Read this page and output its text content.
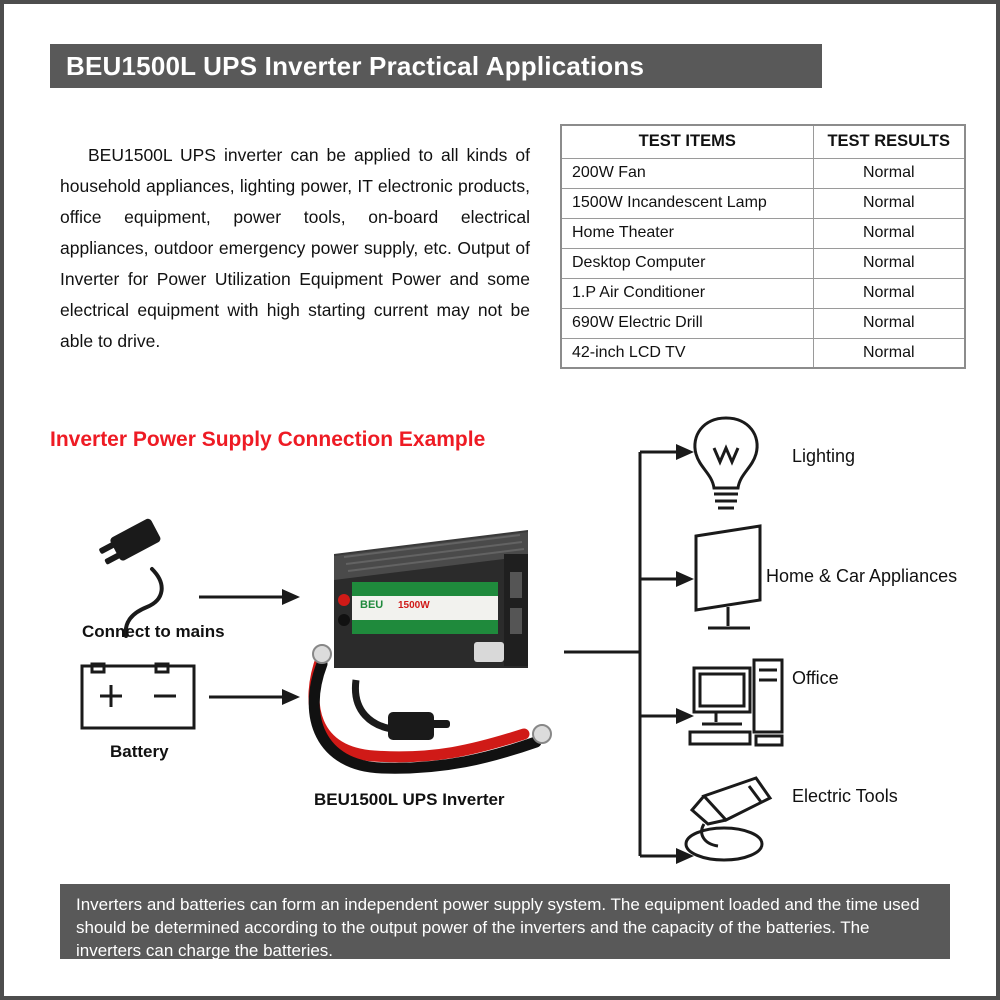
BEU1500L UPS Inverter Practical Applications

BEU1500L UPS inverter can be applied to all kinds of household appliances, lighting power, IT electronic products, office equipment, power tools, on-board electrical appliances, outdoor emergency power supply, etc. Output of Inverter for Power Utilization Equipment Power and some electrical equipment with high starting current may not be able to drive.

TEST ITEMS	TEST RESULTS
200W Fan	Normal
1500W Incandescent Lamp	Normal
Home Theater	Normal
Desktop Computer	Normal
1.P Air Conditioner	Normal
690W Electric Drill	Normal
42-inch LCD TV	Normal
Inverter Power Supply Connection Example
BEU 1500W
Connect to mains
Battery
BEU1500L UPS Inverter
Lighting
Home & Car Appliances
Office
Electric Tools
Inverters and batteries can form an independent power supply system. The equipment loaded and the time used should be determined according to the output power of the inverters and the capacity of the batteries. The inverters can charge the batteries.
